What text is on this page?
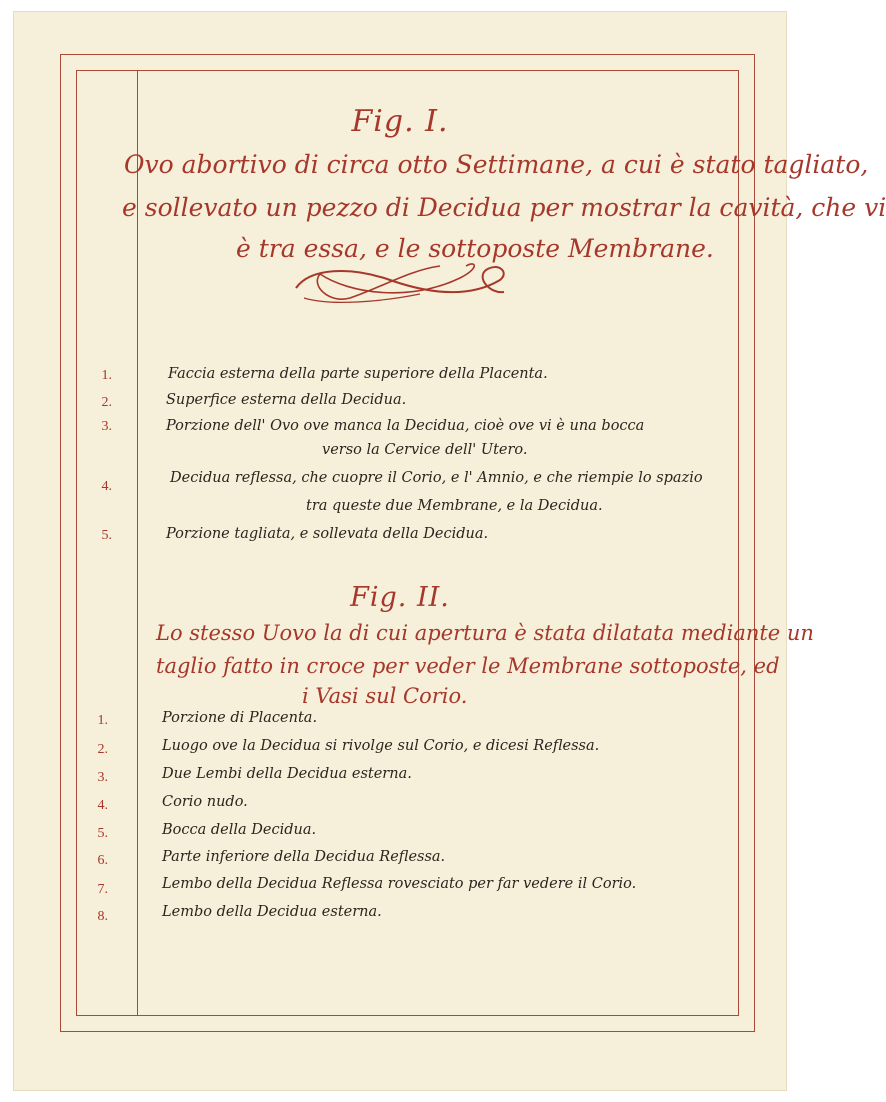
Fig. I.
Ovo abortivo di circa otto Settimane, a cui è stato tagliato,
e sollevato un pezzo di Decidua per mostrar la cavità, che vi
è tra essa, e le sottoposte Membrane.
1.	Faccia esterna della parte superiore della Placenta.
2.	Superfice esterna della Decidua.
3.	Porzione dell' Ovo ove manca la Decidua, cioè ove vi è una bocca
verso la Cervice dell' Utero.
4.
Decidua reflessa, che cuopre il Corio, e l' Amnio, e che riempie lo spazio
tra queste due Membrane, e la Decidua.
5.	Porzione tagliata, e sollevata della Decidua.
Fig. II.
Lo stesso Uovo la di cui apertura è stata dilatata mediante un
taglio fatto in croce per veder le Membrane sottoposte, ed
i Vasi sul Corio.
1.	Porzione di Placenta.
2.	Luogo ove la Decidua si rivolge sul Corio, e dicesi Reflessa.
3.	Due Lembi della Decidua esterna.
4.	Corio nudo.
5.	Bocca della Decidua.
6.	Parte inferiore della Decidua Reflessa.
7.	Lembo della Decidua Reflessa rovesciato per far vedere il Corio.
8.	Lembo della Decidua esterna.
